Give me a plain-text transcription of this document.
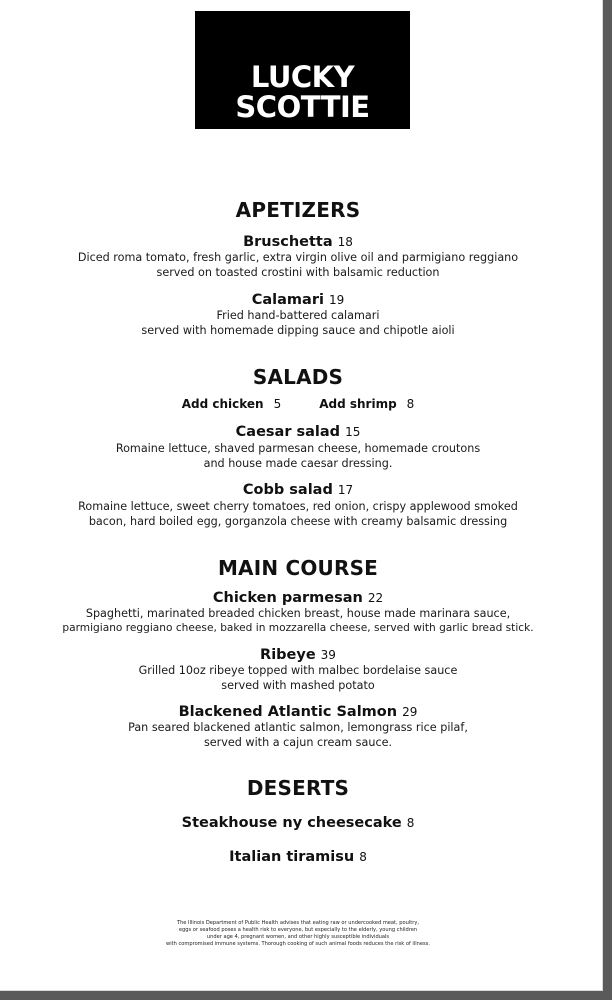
LUCKY
SCOTTIE
APETIZERS
Bruschetta 18
Diced roma tomato, fresh garlic, extra virgin olive oil and parmigiano reggiano
served on toasted crostini with balsamic reduction
Calamari 19
Fried hand-battered calamari
served with homemade dipping sauce and chipotle aioli
SALADS
Add chicken 5	Add shrimp 8
Caesar salad 15
Romaine lettuce, shaved parmesan cheese, homemade croutons
and house made caesar dressing.
Cobb salad 17
Romaine lettuce, sweet cherry tomatoes, red onion, crispy applewood smoked
bacon, hard boiled egg, gorganzola cheese with creamy balsamic dressing
MAIN COURSE
Chicken parmesan 22
Spaghetti, marinated breaded chicken breast, house made marinara sauce,
parmigiano reggiano cheese, baked in mozzarella cheese, served with garlic bread stick.
Ribeye 39
Grilled 10oz ribeye topped with malbec bordelaise sauce
served with mashed potato
Blackened Atlantic Salmon 29
Pan seared blackened atlantic salmon, lemongrass rice pilaf,
served with a cajun cream sauce.
DESERTS
Steakhouse ny cheesecake 8
Italian tiramisu 8
The Illinois Department of Public Health advises that eating raw or undercooked meat, poultry,
eggs or seafood poses a health risk to everyone, but especially to the elderly, young children
under age 4, pregnant women, and other highly susceptible individuals
with compromised immune systems. Thorough cooking of such animal foods reduces the risk of illness.
